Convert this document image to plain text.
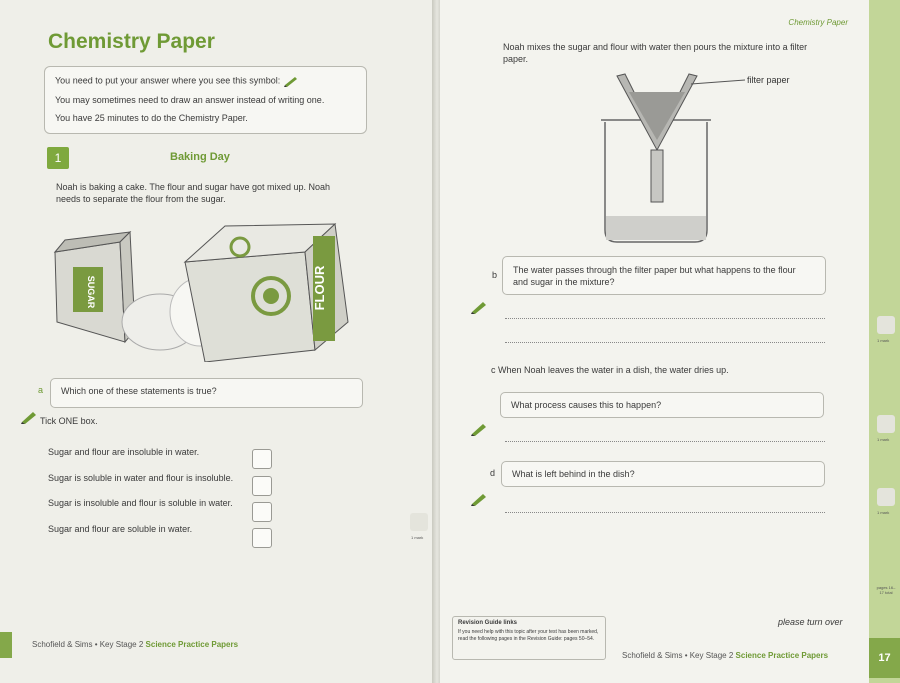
Chemistry Paper
You need to put your answer where you see this symbol:
You may sometimes need to draw an answer instead of writing one.
You have 25 minutes to do the Chemistry Paper.
1	Baking Day
Noah is baking a cake. The flour and sugar have got mixed up. Noah needs to separate the flour from the sugar.
SUGAR	FLOUR
a Which one of these statements is true?
Tick ONE box.
Sugar and flour are insoluble in water.
Sugar is soluble in water and flour is insoluble.
Sugar is insoluble and flour is soluble in water.
Sugar and flour are soluble in water.
1 mark
Schofield & Sims • Key Stage 2 Science Practice Papers
Chemistry Paper
Noah mixes the sugar and flour with water then pours the mixture into a filter paper.
filter paper
b The water passes through the filter paper but what happens to the flour and sugar in the mixture?
1 mark
c When Noah leaves the water in a dish, the water dries up.
What process causes this to happen?
1 mark
d What is left behind in the dish?
1 mark
pages 16–17 total
Revision Guide links
If you need help with this topic after your test has been marked, read the following pages in the Revision Guide: pages 50–54.
please turn over
Schofield & Sims • Key Stage 2 Science Practice Papers	17
